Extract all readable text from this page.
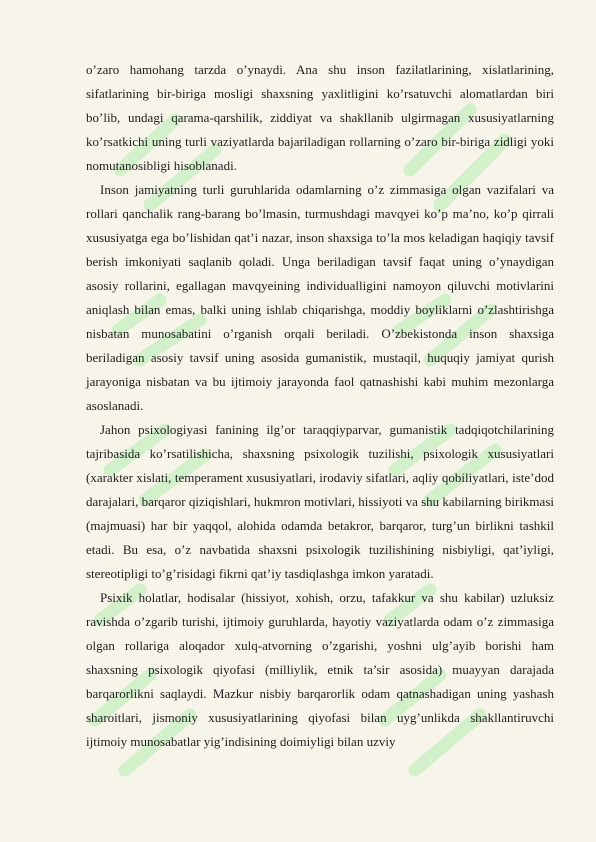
o’zaro hamohang tarzda o’ynaydi. Ana shu inson fazilatlarining, xislatlarining, sifatlarining bir-biriga mosligi shaxsning yaxlitligini ko’rsatuvchi alomatlardan biri bo’lib, undagi qarama-qarshilik, ziddiyat va shakllanib ulgirmagan xususiyatlarning ko’rsatkichi uning turli vaziyatlarda bajariladigan rollarning o’zaro bir-biriga zidligi yoki nomutanosibligi hisoblanadi.

Inson jamiyatning turli guruhlarida odamlarning o’z zimmasiga olgan vazifalari va rollari qanchalik rang-barang bo’lmasin, turmushdagi mavqyei ko’p ma’no, ko’p qirrali xususiyatga ega bo’lishidan qat’i nazar, inson shaxsiga to’la mos keladigan haqiqiy tavsif berish imkoniyati saqlanib qoladi. Unga beriladigan tavsif faqat uning o’ynaydigan asosiy rollarini, egallagan mavqyeining individualligini namoyon qiluvchi motivlarini aniqlash bilan emas, balki uning ishlab chiqarishga, moddiy boyliklarni o’zlashtirishga nisbatan munosabatini o’rganish orqali beriladi. O’zbekistonda inson shaxsiga beriladigan asosiy tavsif uning asosida gumanistik, mustaqil, huquqiy jamiyat qurish jarayoniga nisbatan va bu ijtimoiy jarayonda faol qatnashishi kabi muhim mezonlarga asoslanadi.

Jahon psixologiyasi fanining ilg’or taraqqiyparvar, gumanistik tadqiqotchilarining tajribasida ko’rsatilishicha, shaxsning psixologik tuzilishi, psixologik xususiyatlari (xarakter xislati, temperament xususiyatlari, irodaviy sifatlari, aqliy qobiliyatlari, iste’dod darajalari, barqaror qiziqishlari, hukmron motivlari, hissiyoti va shu kabilarning birikmasi (majmuasi) har bir yaqqol, alohida odamda betakror, barqaror, turg’un birlikni tashkil etadi. Bu esa, o’z navbatida shaxsni psixologik tuzilishining nisbiyligi, qat’iyligi, stereotipligi to’g’risidagi fikrni qat’iy tasdiqlashga imkon yaratadi.

Psixik holatlar, hodisalar (hissiyot, xohish, orzu, tafakkur va shu kabilar) uzluksiz ravishda o’zgarib turishi, ijtimoiy guruhlarda, hayotiy vaziyatlarda odam o’z zimmasiga olgan rollariga aloqador xulq-atvorning o’zgarishi, yoshni ulg’ayib borishi ham shaxsning psixologik qiyofasi (milliylik, etnik ta’sir asosida) muayyan darajada barqarorlikni saqlaydi. Mazkur nisbiy barqarorlik odam qatnashadigan uning yashash sharoitlari, jismoniy xususiyatlarining qiyofasi bilan uyg’unlikda shakllantiruvchi ijtimoiy munosabatlar yig’indisining doimiyligi bilan uzviy
